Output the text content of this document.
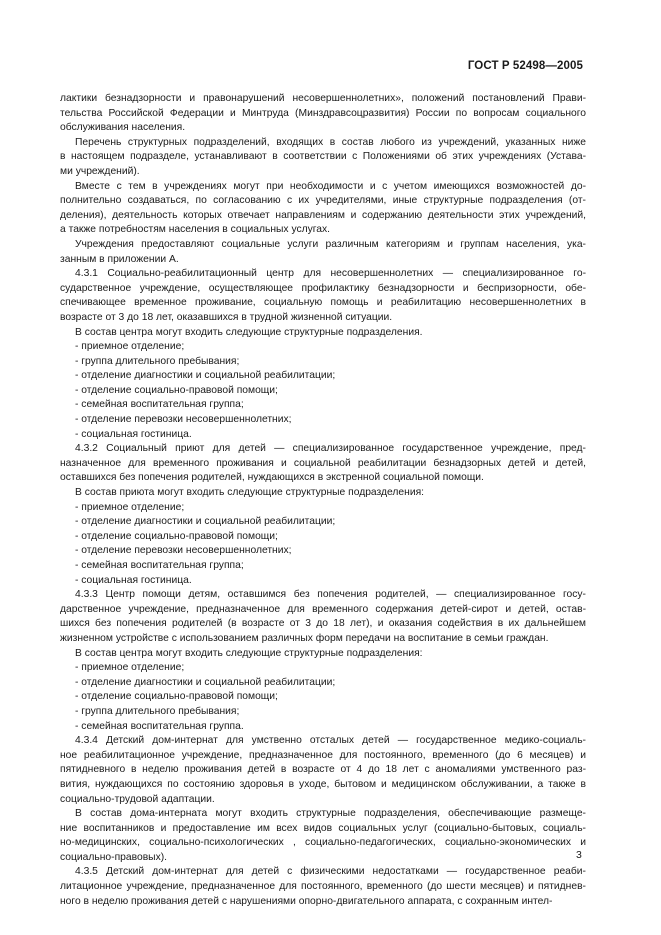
ГОСТ Р 52498—2005

лактики безнадзорности и правонарушений несовершеннолетних», положений постановлений Прави-
тельства Российской Федерации и Минтруда (Минздравсоцразвития) России по вопросам социального
обслуживания населения.

Перечень структурных подразделений, входящих в состав любого из учреждений, указанных ниже
в настоящем подразделе, устанавливают в соответствии с Положениями об этих учреждениях (Устава-
ми учреждений).

Вместе с тем в учреждениях могут при необходимости и с учетом имеющихся возможностей до-
полнительно создаваться, по согласованию с их учредителями, иные структурные подразделения (от-
деления), деятельность которых отвечает направлениям и содержанию деятельности этих учреждений,
а также потребностям населения в социальных услугах.

Учреждения предоставляют социальные услуги различным категориям и группам населения, ука-
занным в приложении А.

4.3.1 Социально-реабилитационный центр для несовершеннолетних — специализированное го-
сударственное учреждение, осуществляющее профилактику безнадзорности и беспризорности, обе-
спечивающее временное проживание, социальную помощь и реабилитацию несовершеннолетних в
возрасте от 3 до 18 лет, оказавшихся в трудной жизненной ситуации.

В состав центра могут входить следующие структурные подразделения.

- приемное отделение;

- группа длительного пребывания;

- отделение диагностики и социальной реабилитации;

- отделение социально-правовой помощи;

- семейная воспитательная группа;

- отделение перевозки несовершеннолетних;

- социальная гостиница.

4.3.2 Социальный приют для детей — специализированное государственное учреждение, пред-
назначенное для временного проживания и социальной реабилитации безнадзорных детей и детей,
оставшихся без попечения родителей, нуждающихся в экстренной социальной помощи.

В состав приюта могут входить следующие структурные подразделения:

- приемное отделение;

- отделение диагностики и социальной реабилитации;

- отделение социально-правовой помощи;

- отделение перевозки несовершеннолетних;

- семейная воспитательная группа;

- социальная гостиница.

4.3.3 Центр помощи детям, оставшимся без попечения родителей, — специализированное госу-
дарственное учреждение, предназначенное для временного содержания детей-сирот и детей, остав-
шихся без попечения родителей (в возрасте от 3 до 18 лет), и оказания содействия в их дальнейшем
жизненном устройстве с использованием различных форм передачи на воспитание в семьи граждан.

В состав центра могут входить следующие структурные подразделения:

- приемное отделение;

- отделение диагностики и социальной реабилитации;

- отделение социально-правовой помощи;

- группа длительного пребывания;

- семейная воспитательная группа.

4.3.4 Детский дом-интернат для умственно отсталых детей — государственное медико-социаль-
ное реабилитационное учреждение, предназначенное для постоянного, временного (до 6 месяцев) и
пятидневного в неделю проживания детей в возрасте от 4 до 18 лет с аномалиями умственного раз-
вития, нуждающихся по состоянию здоровья в уходе, бытовом и медицинском обслуживании, а также в
социально-трудовой адаптации.

В состав дома-интерната могут входить структурные подразделения, обеспечивающие размеще-
ние воспитанников и предоставление им всех видов социальных услуг (социально-бытовых, социаль-
но-медицинских, социально-психологических , социально-педагогических, социально-экономических и
социально-правовых).

4.3.5 Детский дом-интернат для детей с физическими недостатками — государственное реаби-
литационное учреждение, предназначенное для постоянного, временного (до шести месяцев) и пятиднев-
ного в неделю проживания детей с нарушениями опорно-двигательного аппарата, с сохранным интел-

3
